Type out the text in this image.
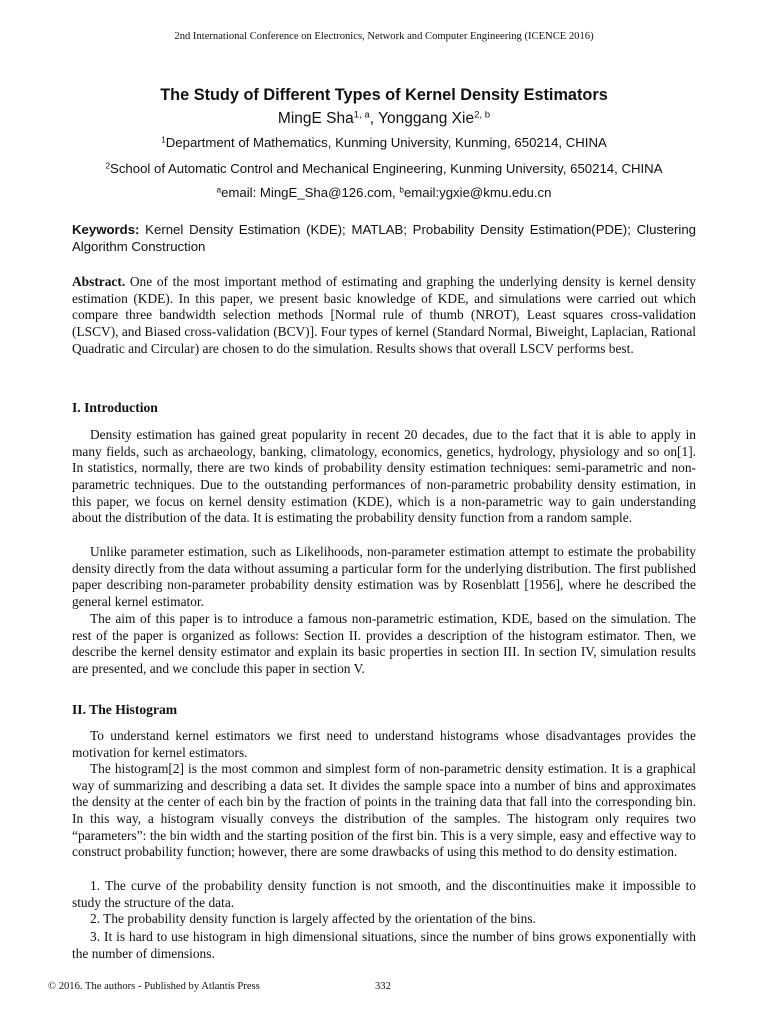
2nd International Conference on Electronics, Network and Computer Engineering (ICENCE 2016)
The Study of Different Types of Kernel Density Estimators
MingE Sha$^{1, a}$, Yonggang Xie$^{2, b}$
$^1$Department of Mathematics, Kunming University, Kunming, 650214, CHINA
$^2$School of Automatic Control and Mechanical Engineering, Kunming University, 650214, CHINA
$^a$email: MingE_Sha@126.com, $^b$email:ygxie@kmu.edu.cn
Keywords: Kernel Density Estimation (KDE); MATLAB; Probability Density Estimation(PDE); Clustering Algorithm Construction
Abstract. One of the most important method of estimating and graphing the underlying density is kernel density estimation (KDE). In this paper, we present basic knowledge of KDE, and simulations were carried out which compare three bandwidth selection methods [Normal rule of thumb (NROT), Least squares cross-validation (LSCV), and Biased cross-validation (BCV)]. Four types of kernel (Standard Normal, Biweight, Laplacian, Rational Quadratic and Circular) are chosen to do the simulation. Results shows that overall LSCV performs best.
I. Introduction
Density estimation has gained great popularity in recent 20 decades, due to the fact that it is able to apply in many fields, such as archaeology, banking, climatology, economics, genetics, hydrology, physiology and so on[1]. In statistics, normally, there are two kinds of probability density estimation techniques: semi-parametric and non-parametric techniques. Due to the outstanding performances of non-parametric probability density estimation, in this paper, we focus on kernel density estimation (KDE), which is a non-parametric way to gain understanding about the distribution of the data. It is estimating the probability density function from a random sample.
Unlike parameter estimation, such as Likelihoods, non-parameter estimation attempt to estimate the probability density directly from the data without assuming a particular form for the underlying distribution. The first published paper describing non-parameter probability density estimation was by Rosenblatt [1956], where he described the general kernel estimator.
The aim of this paper is to introduce a famous non-parametric estimation, KDE, based on the simulation. The rest of the paper is organized as follows: Section II. provides a description of the histogram estimator. Then, we describe the kernel density estimator and explain its basic properties in section III. In section IV, simulation results are presented, and we conclude this paper in section V.
II. The Histogram
To understand kernel estimators we first need to understand histograms whose disadvantages provides the motivation for kernel estimators.
The histogram[2] is the most common and simplest form of non-parametric density estimation. It is a graphical way of summarizing and describing a data set. It divides the sample space into a number of bins and approximates the density at the center of each bin by the fraction of points in the training data that fall into the corresponding bin. In this way, a histogram visually conveys the distribution of the samples. The histogram only requires two “parameters”: the bin width and the starting position of the first bin. This is a very simple, easy and effective way to construct probability function; however, there are some drawbacks of using this method to do density estimation.
1. The curve of the probability density function is not smooth, and the discontinuities make it impossible to study the structure of the data.
2. The probability density function is largely affected by the orientation of the bins.
3. It is hard to use histogram in high dimensional situations, since the number of bins grows exponentially with the number of dimensions.
© 2016. The authors - Published by Atlantis Press	332
